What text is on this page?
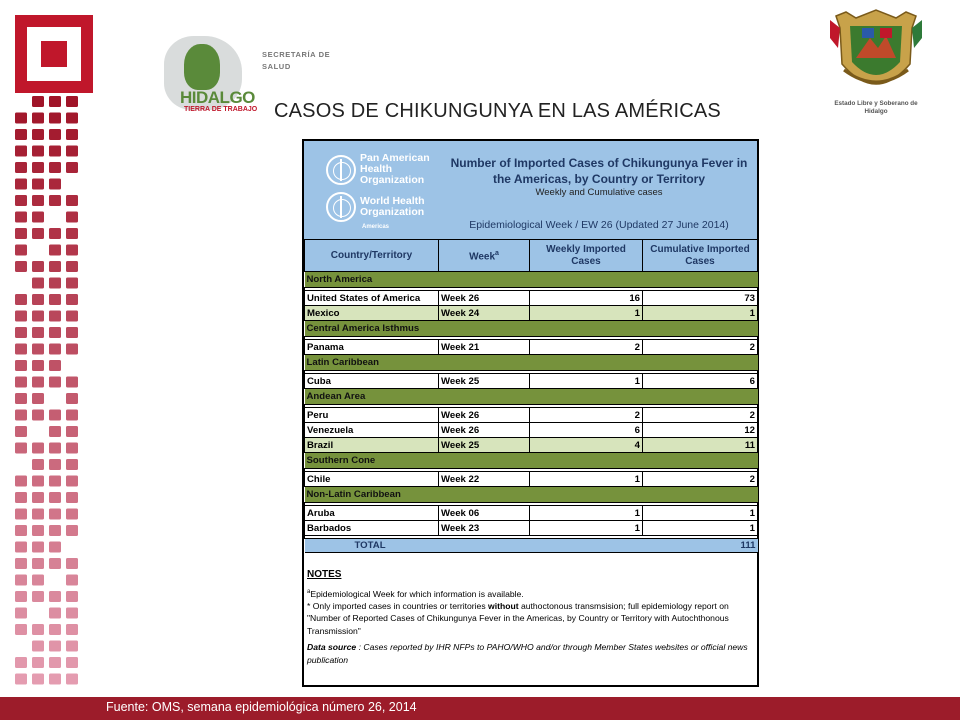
HIDALGO
TIERRA DE TRABAJO
SECRETARÍA DE SALUD
Estado Libre y Soberano de Hidalgo
CASOS DE CHIKUNGUNYA EN LAS AMÉRICAS
Pan American Health Organization
World Health Organization
Americas
Number of Imported Cases of Chikungunya Fever in the Americas, by Country or Territory
Weekly and Cumulative cases
Epidemiological Week / EW 26 (Updated 27 June 2014)
Country/Territory	Week$^a$	Weekly Imported Cases	Cumulative Imported Cases
North America			

United States of America	Week 26	16	73
Mexico	Week 24	1	1
Central America Isthmus			

Panama	Week 21	2	2
Latin Caribbean			

Cuba	Week 25	1	6
Andean Area			

Peru	Week 26	2	2
Venezuela	Week 26	6	12
Brazil	Week 25	4	11
Southern Cone			

Chile	Week 22	1	2
Non-Latin Caribbean			

Aruba	Week 06	1	1
Barbados	Week 23	1	1

TOTAL			111
NOTES
$^a$Epidemiological Week for which information is available.
* Only imported cases in countries or territories without authoctonous transmsision; full epidemiology report on
"Number of Reported Cases of Chikungunya Fever in the Americas, by Country or Territory with Autochthonous Transmission"
Data source : Cases reported by IHR NFPs to PAHO/WHO and/or through Member States websites or official news publication
Fuente: OMS, semana epidemiológica número 26, 2014
